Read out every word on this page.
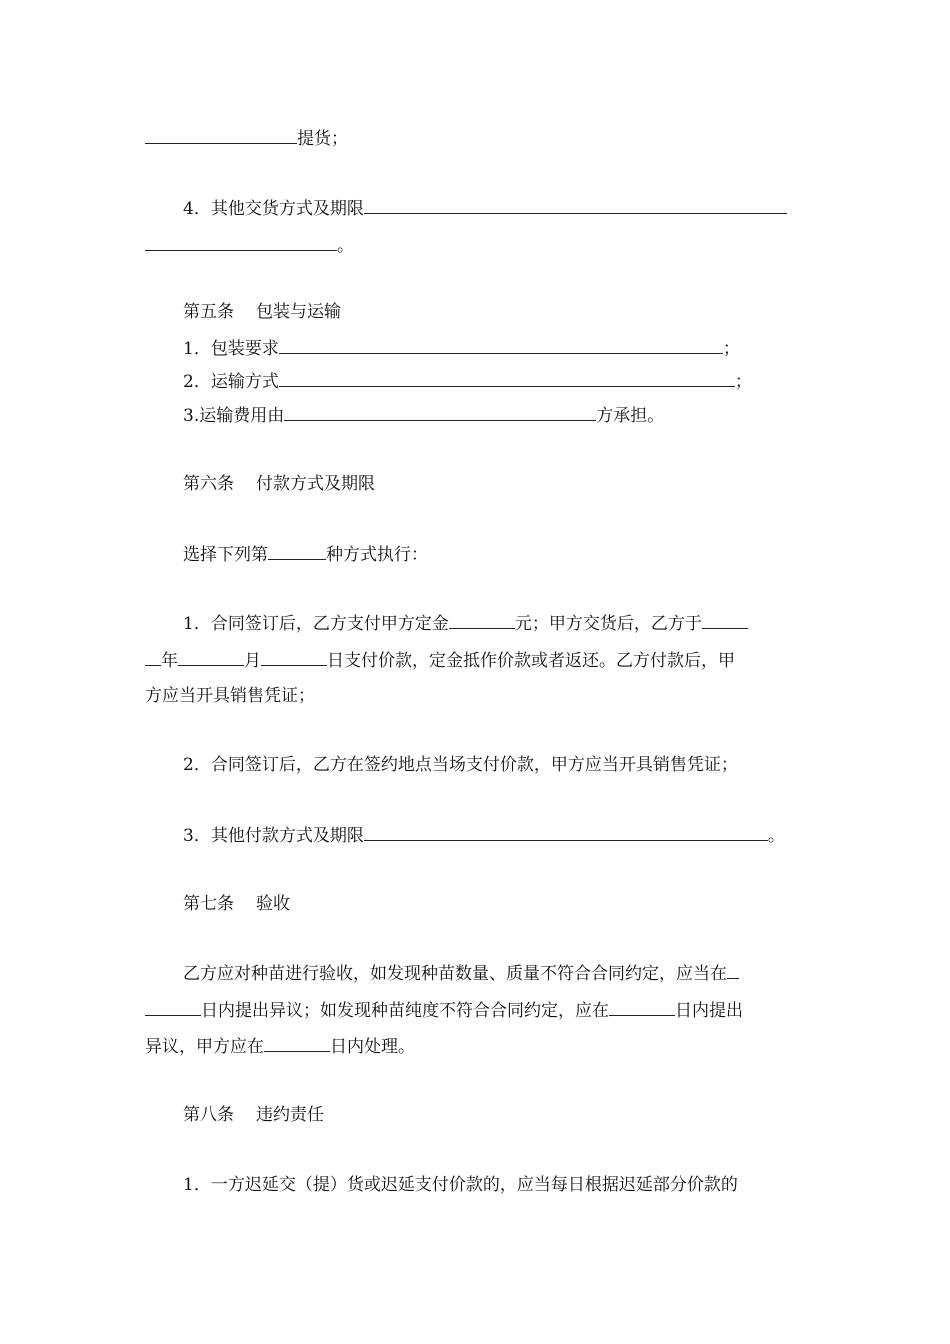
提货；
4．其他交货方式及期限
。
第五条 包装与运输
1．包装要求	；
2．运输方式	；
3.运输费用由	方承担。
第六条 付款方式及期限
选择下列第	种方式执行：
1．合同签订后，乙方支付甲方定金	元；甲方交货后，乙方于
年	月	日支付价款，定金抵作价款或者返还。乙方付款后，甲
方应当开具销售凭证；
2．合同签订后，乙方在签约地点当场支付价款，甲方应当开具销售凭证；
3．其他付款方式及期限	。
第七条 验收
乙方应对种苗进行验收，如发现种苗数量、质量不符合合同约定，应当在
日内提出异议；如发现种苗纯度不符合合同约定，应在	日内提出
异议，甲方应在	日内处理。
第八条 违约责任
1．一方迟延交（提）货或迟延支付价款的，应当每日根据迟延部分价款的
